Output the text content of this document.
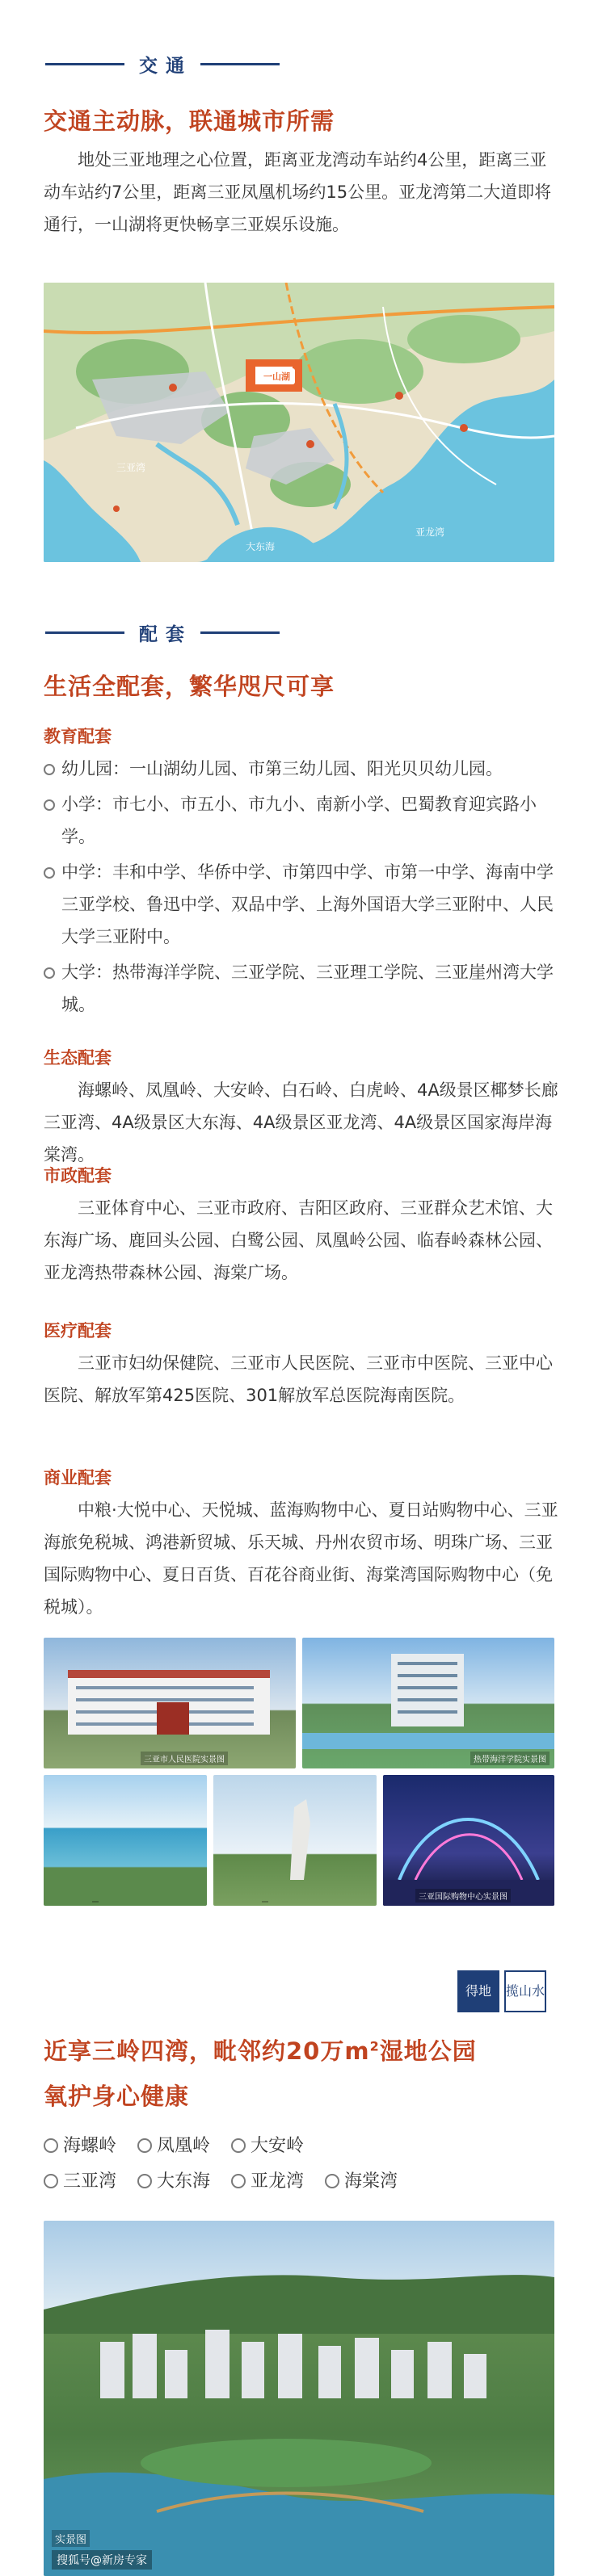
交通
交通主动脉，联通城市所需
地处三亚地理之心位置，距离亚龙湾动车站约4公里，距离三亚动车站约7公里，距离三亚凤凰机场约15公里。亚龙湾第二大道即将通行，一山湖将更快畅享三亚娱乐设施。
一山湖
三亚湾
大东海
亚龙湾
配套
生活全配套，繁华咫尺可享
教育配套
幼儿园：一山湖幼儿园、市第三幼儿园、阳光贝贝幼儿园。
小学：市七小、市五小、市九小、南新小学、巴蜀教育迎宾路小学。
中学：丰和中学、华侨中学、市第四中学、市第一中学、海南中学三亚学校、鲁迅中学、双品中学、上海外国语大学三亚附中、人民大学三亚附中。
大学：热带海洋学院、三亚学院、三亚理工学院、三亚崖州湾大学城。
生态配套
海螺岭、凤凰岭、大安岭、白石岭、白虎岭、4A级景区椰梦长廊三亚湾、4A级景区大东海、4A级景区亚龙湾、4A级景区国家海岸海棠湾。
市政配套
三亚体育中心、三亚市政府、吉阳区政府、三亚群众艺术馆、大东海广场、鹿回头公园、白鹭公园、凤凰岭公园、临春岭森林公园、亚龙湾热带森林公园、海棠广场。
医疗配套
三亚市妇幼保健院、三亚市人民医院、三亚市中医院、三亚中心医院、解放军第425医院、301解放军总医院海南医院。
商业配套
中粮·大悦中心、天悦城、蓝海购物中心、夏日站购物中心、三亚海旅免税城、鸿港新贸城、乐天城、丹州农贸市场、明珠广场、三亚国际购物中心、夏日百货、百花谷商业街、海棠湾国际购物中心（免税城）。
三亚市人民医院实景图	热带海洋学院实景图
三亚国际购物中心实景图
得地	揽山水
近享三岭四湾，毗邻约20万$m^2$湿地公园
氧护身心健康
海螺岭	凤凰岭	大安岭
三亚湾	大东海	亚龙湾	海棠湾
实景图
搜狐号@新房专家
